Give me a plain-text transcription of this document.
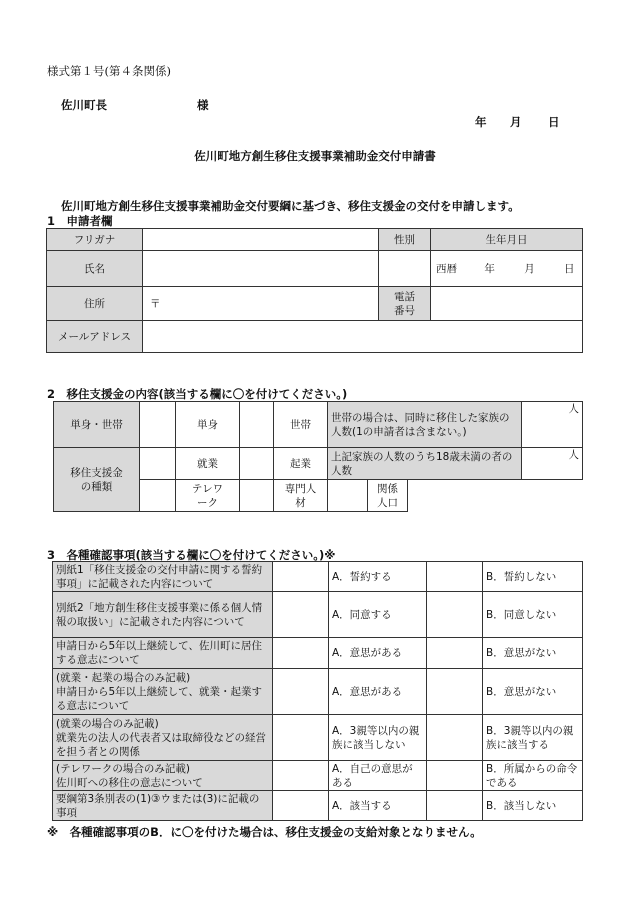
様式第１号(第４条関係)
佐川町長	様
年 月 日
佐川町地方創生移住支援事業補助金交付申請書
佐川町地方創生移住支援事業補助金交付要綱に基づき、移住支援金の交付を申請します。
1　申請者欄
フリガナ		性別	生年月日
氏名			西暦 年 月 日
住所	〒	電話番号	
メールアドレス			
2　移住支援金の内容(該当する欄に〇を付けてください。)
単身・世帯		単身		世帯	世帯の場合は、同時に移住した家族の人数(1の申請者は含まない。)			人
移住支援金の種類		就業		起業	上記家族の人数のうち18歳未満の者の人数			人
		テレワーク		専門人材		関係人口		
3　各種確認事項(該当する欄に〇を付けてください。)※
別紙1「移住支援金の交付申請に関する誓約事項」に記載された内容について		A．誓約する		B．誓約しない
別紙2「地方創生移住支援事業に係る個人情報の取扱い」に記載された内容について		A．同意する		B．同意しない
申請日から5年以上継続して、佐川町に居住する意志について		A．意思がある		B．意思がない
(就業・起業の場合のみ記載)
申請日から5年以上継続して、就業・起業する意志について		A．意思がある		B．意思がない
(就業の場合のみ記載)
就業先の法人の代表者又は取締役などの経営を担う者との関係		A．3親等以内の親族に該当しない		B．3親等以内の親族に該当する
(テレワークの場合のみ記載)
佐川町への移住の意志について		A．自己の意思がある		B．所属からの命令である
要綱第3条別表の(1)③ウまたは(3)に記載の事項		A．該当する		B．該当しない
※　各種確認事項のB．に〇を付けた場合は、移住支援金の支給対象となりません。
